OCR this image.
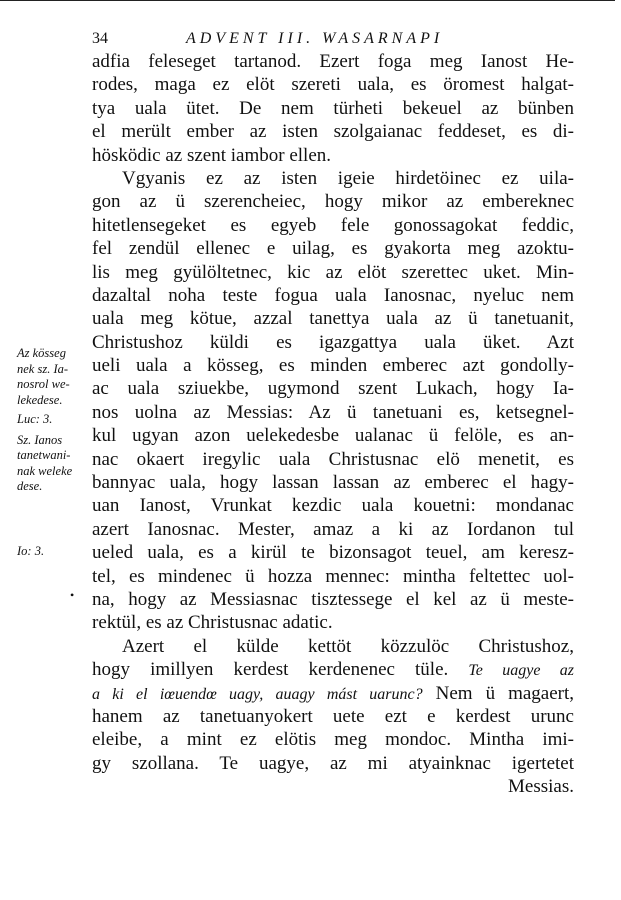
34	ADVENT III. WASARNAPI
adfia feleseget tartanod. Ezert foga meg Ianost He-
rodes, maga ez elöt szereti uala, es öromest halgat-
tya uala ütet. De nem türheti bekeuel az bünben
el merült ember az isten szolgaianac feddeset, es di-
hösködic az szent iambor ellen.
Vgyanis ez az isten igeie hirdetöinec ez uila-
gon az ü szerencheiec, hogy mikor az embereknec
hitetlensegeket es egyeb fele gonossagokat feddic,
fel zendül ellenec e uilag, es gyakorta meg azoktu-
lis meg gyülöltetnec, kic az elöt szerettec uket. Min-
dazaltal noha teste fogua uala Ianosnac, nyeluc nem
uala meg kötue, azzal tanettya uala az ü tanetuanit,
Christushoz küldi es igazgattya uala üket. Azt
ueli uala a kösseg, es minden emberec azt gondolly-
ac uala sziuekbe, ugymond szent Lukach, hogy Ia-
nos uolna az Messias: Az ü tanetuani es, ketsegnel-
kul ugyan azon uelekedesbe ualanac ü felöle, es an-
nac okaert iregylic uala Christusnac elö menetit, es
bannyac uala, hogy lassan lassan az emberec el hagy-
uan Ianost, Vrunkat kezdic uala kouetni: mondanac
azert Ianosnac. Mester, amaz a ki az Iordanon tul
ueled uala, es a kirül te bizonsagot teuel, am keresz-
tel, es mindenec ü hozza mennec: mintha feltettec uol-
na, hogy az Messiasnac tisztessege el kel az ü meste-
rektül, es az Christusnac adatic.
Azert el külde kettöt közzulöc Christushoz,
hogy imillyen kerdest kerdenenec tüle. Te uagye az
a ki el iœuendœ uagy, auagy mást uarunc? Nem ü magaert,
hanem az tanetuanyokert uete ezt e kerdest urunc
eleibe, a mint ez elötis meg mondoc. Mintha imi-
gy szollana. Te uagye, az mi atyainknac igertetet
Messias.
Az kösseg
nek sz. Ia-
nosrol we-
lekedese.
Luc: 3.
Sz. Ianos
tanetwani-
nak weleke
dese.
Io: 3.
•
